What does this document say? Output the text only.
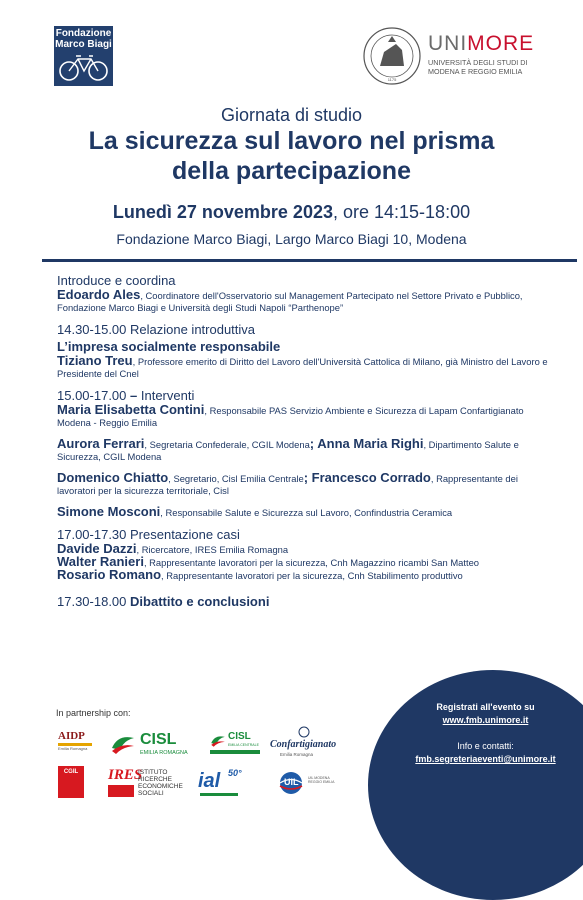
Fondazione
Marco Biagi
1175
UNIMORE
UNIVERSITÀ DEGLI STUDI DI
MODENA E REGGIO EMILIA
Giornata di studio
La sicurezza sul lavoro nel prisma
della partecipazione
Lunedì 27 novembre 2023, ore 14:15-18:00
Fondazione Marco Biagi, Largo Marco Biagi 10, Modena
Introduce e coordina
Edoardo Ales, Coordinatore dell'Osservatorio sul Management Partecipato nel Settore Privato e Pubblico, Fondazione Marco Biagi e Università degli Studi Napoli “Parthenope”
14.30-15.00 Relazione introduttiva
L’impresa socialmente responsabile
Tiziano Treu, Professore emerito di Diritto del Lavoro dell'Università Cattolica di Milano, già Ministro del Lavoro e Presidente del Cnel
15.00-17.00 – Interventi
Maria Elisabetta Contini, Responsabile PAS Servizio Ambiente e Sicurezza di Lapam Confartigianato Modena - Reggio Emilia
Aurora Ferrari, Segretaria Confederale, CGIL Modena; Anna Maria Righi, Dipartimento Salute e Sicurezza, CGIL Modena
Domenico Chiatto, Segretario, Cisl Emilia Centrale; Francesco Corrado, Rappresentante dei lavoratori per la sicurezza territoriale, Cisl
Simone Mosconi, Responsabile Salute e Sicurezza sul Lavoro, Confindustria Ceramica
17.00-17.30 Presentazione casi
Davide Dazzi, Ricercatore, IRES Emilia Romagna
Walter Ranieri, Rappresentante lavoratori per la sicurezza, Cnh Magazzino ricambi San Matteo
Rosario Romano, Rappresentante lavoratori per la sicurezza, Cnh Stabilimento produttivo
17.30-18.00 Dibattito e conclusioni
Registrati all'evento su
www.fmb.unimore.it
Info e contatti:
fmb.segreteriaeventi@unimore.it
In partnership con:
AIDP
Emilia Romagna
CISL
EMILIA ROMAGNA
CISL
EMILIA CENTRALE Confartigianato
Emilia Romagna
CGIL	IRES
ISTITUTO
RICERCHE
ECONOMICHE
SOCIALI
ial 50°
UIL	UIL MODENA REGGIO EMILIA
